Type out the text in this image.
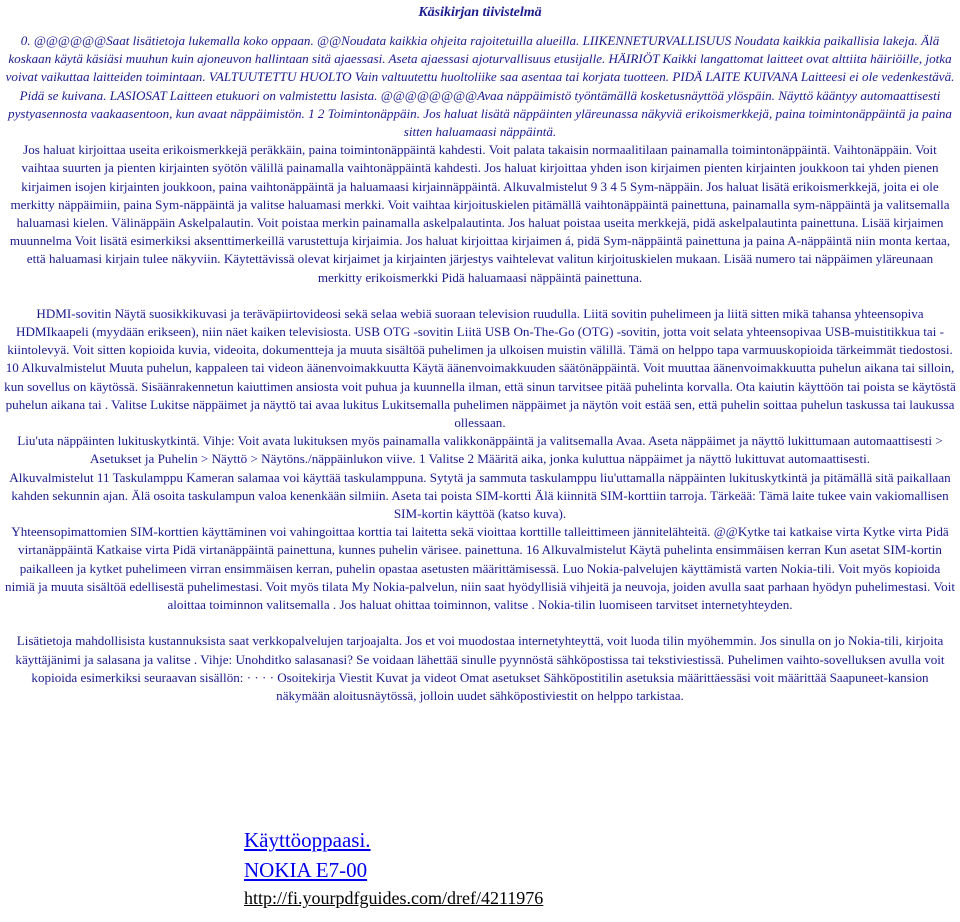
Käsikirjan tiivistelmä

0. @@@@@@Saat lisätietoja lukemalla koko oppaan. @@Noudata kaikkia ohjeita rajoitetuilla alueilla. LIIKENNETURVALLISUUS Noudata kaikkia paikallisia lakeja. Älä koskaan käytä käsiäsi muuhun kuin ajoneuvon hallintaan sitä ajaessasi. Aseta ajaessasi ajoturvallisuus etusijalle. HÄIRIÖT Kaikki langattomat laitteet ovat alttiita häiriöille, jotka voivat vaikuttaa laitteiden toimintaan. VALTUUTETTU HUOLTO Vain valtuutettu huoltoliike saa asentaa tai korjata tuotteen. PIDÄ LAITE KUIVANA Laitteesi ei ole vedenkestävä. Pidä se kuivana. LASIOSAT Laitteen etukuori on valmistettu lasista. @@@@@@@@Avaa näppäimistö työntämällä kosketusnäyttöä ylöspäin. Näyttö kääntyy automaattisesti pystyasennosta vaakaasentoon, kun avaat näppäimistön. 1 2 Toimintonäppäin. Jos haluat lisätä näppäinten yläreunassa näkyviä erikoismerkkejä, paina toimintonäppäintä ja paina sitten haluamaasi näppäintä.

Jos haluat kirjoittaa useita erikoismerkkejä peräkkäin, paina toimintonäppäintä kahdesti. Voit palata takaisin normaalitilaan painamalla toimintonäppäintä. Vaihtonäppäin. Voit vaihtaa suurten ja pienten kirjainten syötön välillä painamalla vaihtonäppäintä kahdesti. Jos haluat kirjoittaa yhden ison kirjaimen pienten kirjainten joukkoon tai yhden pienen kirjaimen isojen kirjainten joukkoon, paina vaihtonäppäintä ja haluamaasi kirjainnäppäintä. Alkuvalmistelut 9 3 4 5 Sym-näppäin. Jos haluat lisätä erikoismerkkejä, joita ei ole merkitty näppäimiin, paina Sym-näppäintä ja valitse haluamasi merkki. Voit vaihtaa kirjoituskielen pitämällä vaihtonäppäintä painettuna, painamalla sym-näppäintä ja valitsemalla haluamasi kielen. Välinäppäin Askelpalautin. Voit poistaa merkin painamalla askelpalautinta. Jos haluat poistaa useita merkkejä, pidä askelpalautinta painettuna. Lisää kirjaimen muunnelma Voit lisätä esimerkiksi aksenttimerkeillä varustettuja kirjaimia. Jos haluat kirjoittaa kirjaimen á, pidä Sym-näppäintä painettuna ja paina A-näppäintä niin monta kertaa, että haluamasi kirjain tulee näkyviin. Käytettävissä olevat kirjaimet ja kirjainten järjestys vaihtelevat valitun kirjoituskielen mukaan. Lisää numero tai näppäimen yläreunaan merkitty erikoismerkki Pidä haluamaasi näppäintä painettuna.

HDMI-sovitin Näytä suosikkikuvasi ja teräväpiirtovideosi sekä selaa webiä suoraan television ruudulla. Liitä sovitin puhelimeen ja liitä sitten mikä tahansa yhteensopiva HDMIkaapeli (myydään erikseen), niin näet kaiken televisiosta. USB OTG -sovitin Liitä USB On-The-Go (OTG) -sovitin, jotta voit selata yhteensopivaa USB-muistitikkua tai -kiintolevyä. Voit sitten kopioida kuvia, videoita, dokumentteja ja muuta sisältöä puhelimen ja ulkoisen muistin välillä. Tämä on helppo tapa varmuuskopioida tärkeimmät tiedostosi. 10 Alkuvalmistelut Muuta puhelun, kappaleen tai videon äänenvoimakkuutta Käytä äänenvoimakkuuden säätönäppäintä. Voit muuttaa äänenvoimakkuutta puhelun aikana tai silloin, kun sovellus on käytössä. Sisäänrakennetun kaiuttimen ansiosta voit puhua ja kuunnella ilman, että sinun tarvitsee pitää puhelinta korvalla. Ota kaiutin käyttöön tai poista se käytöstä puhelun aikana tai . Valitse Lukitse näppäimet ja näyttö tai avaa lukitus Lukitsemalla puhelimen näppäimet ja näytön voit estää sen, että puhelin soittaa puhelun taskussa tai laukussa ollessaan.

Liu'uta näppäinten lukituskytkintä. Vihje: Voit avata lukituksen myös painamalla valikkonäppäintä ja valitsemalla Avaa. Aseta näppäimet ja näyttö lukittumaan automaattisesti > Asetukset ja Puhelin > Näyttö > Näytöns./näppäinlukon viive. 1 Valitse 2 Määritä aika, jonka kuluttua näppäimet ja näyttö lukittuvat automaattisesti.

Alkuvalmistelut 11 Taskulamppu Kameran salamaa voi käyttää taskulamppuna. Sytytä ja sammuta taskulamppu liu'uttamalla näppäinten lukituskytkintä ja pitämällä sitä paikallaan kahden sekunnin ajan. Älä osoita taskulampun valoa kenenkään silmiin. Aseta tai poista SIM-kortti Älä kiinnitä SIM-korttiin tarroja. Tärkeää: Tämä laite tukee vain vakiomallisen SIM-kortin käyttöä (katso kuva).

Yhteensopimattomien SIM-korttien käyttäminen voi vahingoittaa korttia tai laitetta sekä vioittaa korttille talleittimeen jännitelähteitä. @@Kytke tai katkaise virta Kytke virta Pidä virtanäppäintä Katkaise virta Pidä virtanäppäintä painettuna, kunnes puhelin värisee. painettuna. 16 Alkuvalmistelut Käytä puhelinta ensimmäisen kerran Kun asetat SIM-kortin paikalleen ja kytket puhelimeen virran ensimmäisen kerran, puhelin opastaa asetusten määrittämisessä. Luo Nokia-palvelujen käyttämistä varten Nokia-tili. Voit myös kopioida nimiä ja muuta sisältöä edellisestä puhelimestasi. Voit myös tilata My Nokia-palvelun, niin saat hyödyllisiä vihjeitä ja neuvoja, joiden avulla saat parhaan hyödyn puhelimestasi. Voit aloittaa toiminnon valitsemalla . Jos haluat ohittaa toiminnon, valitse . Nokia-tilin luomiseen tarvitset internetyhteyden.

Lisätietoja mahdollisista kustannuksista saat verkkopalvelujen tarjoajalta. Jos et voi muodostaa internetyhteyttä, voit luoda tilin myöhemmin. Jos sinulla on jo Nokia-tili, kirjoita käyttäjänimi ja salasana ja valitse . Vihje: Unohditko salasanasi? Se voidaan lähettää sinulle pyynnöstä sähköpostissa tai tekstiviestissä. Puhelimen vaihto-sovelluksen avulla voit kopioida esimerkiksi seuraavan sisällön: · · · · Osoitekirja Viestit Kuvat ja videot Omat asetukset Sähköpostitilin asetuksia määrittäessäsi voit määrittää Saapuneet-kansion näkymään aloitusnäytössä, jolloin uudet sähköpostiviestit on helppo tarkistaa.

Käyttöoppaasi.
NOKIA E7-00
http://fi.yourpdfguides.com/dref/4211976
